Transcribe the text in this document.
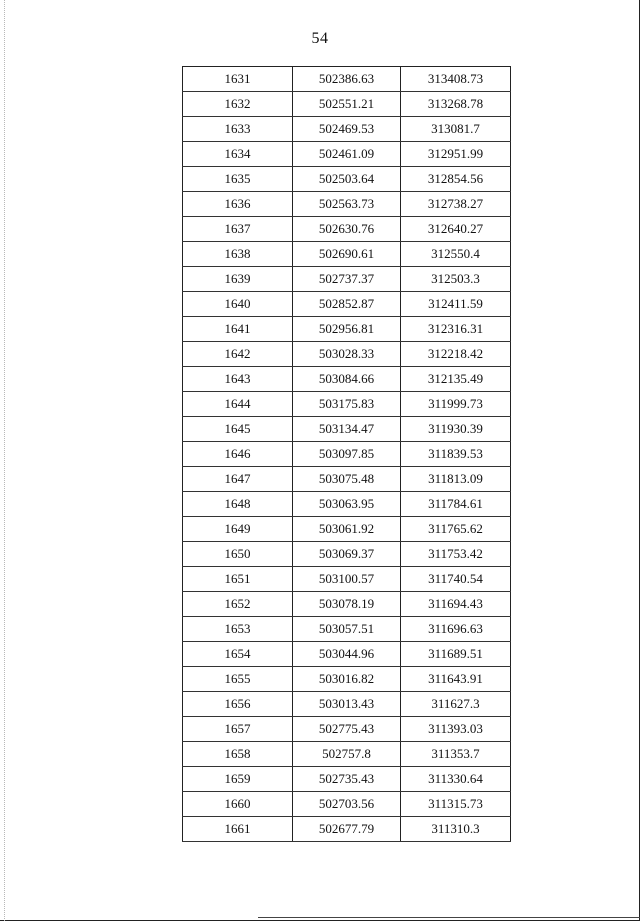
54
1631	502386.63	313408.73
1632	502551.21	313268.78
1633	502469.53	313081.7
1634	502461.09	312951.99
1635	502503.64	312854.56
1636	502563.73	312738.27
1637	502630.76	312640.27
1638	502690.61	312550.4
1639	502737.37	312503.3
1640	502852.87	312411.59
1641	502956.81	312316.31
1642	503028.33	312218.42
1643	503084.66	312135.49
1644	503175.83	311999.73
1645	503134.47	311930.39
1646	503097.85	311839.53
1647	503075.48	311813.09
1648	503063.95	311784.61
1649	503061.92	311765.62
1650	503069.37	311753.42
1651	503100.57	311740.54
1652	503078.19	311694.43
1653	503057.51	311696.63
1654	503044.96	311689.51
1655	503016.82	311643.91
1656	503013.43	311627.3
1657	502775.43	311393.03
1658	502757.8	311353.7
1659	502735.43	311330.64
1660	502703.56	311315.73
1661	502677.79	311310.3
